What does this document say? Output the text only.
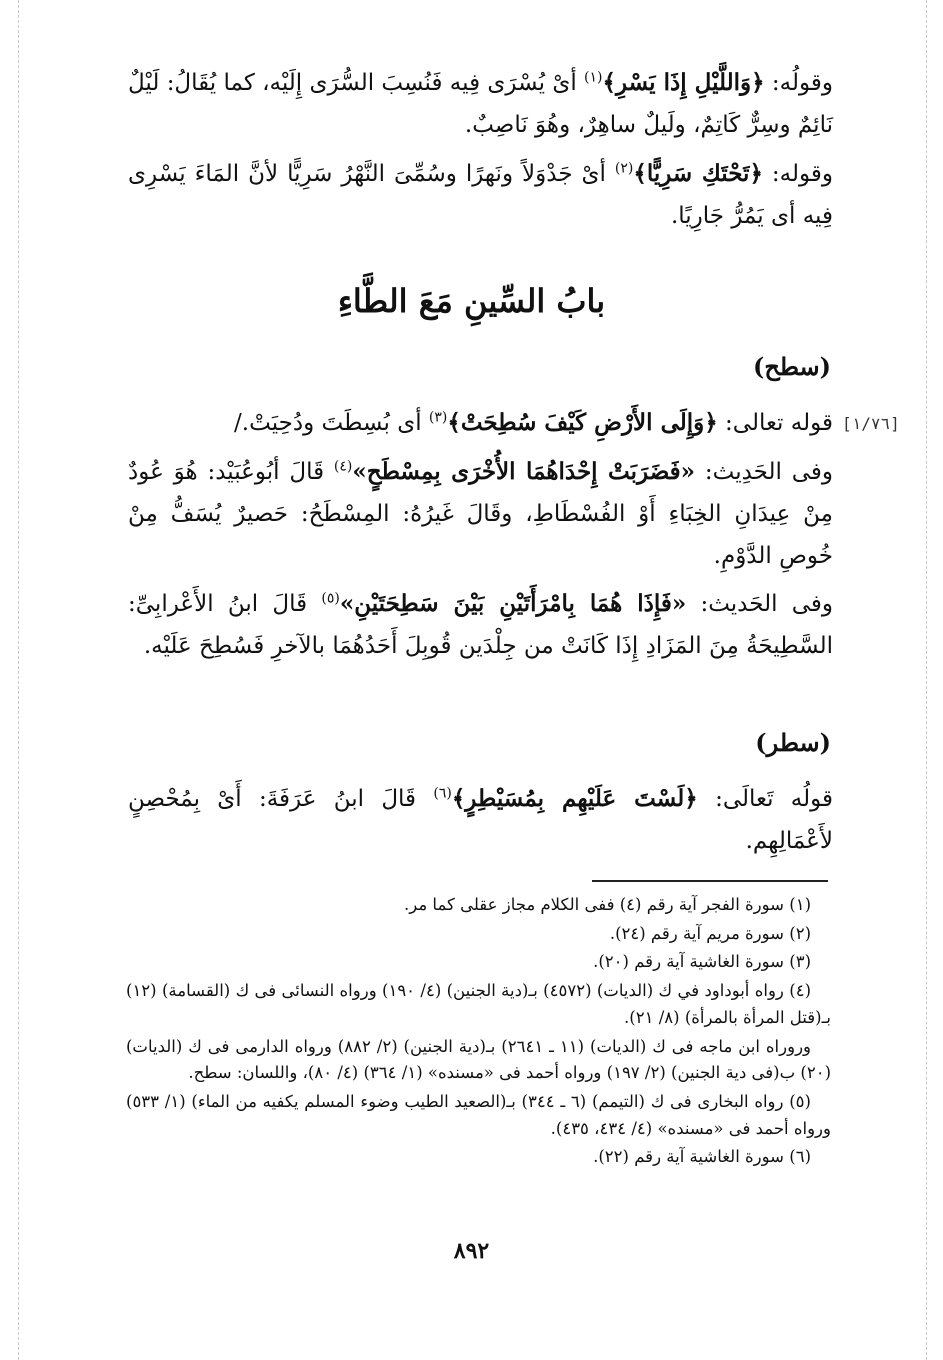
وقولُه: ﴿وَاللَّيْلِ إِذَا يَسْرِ﴾$^{(١)}$ أىْ يُسْرَى فِيه فَنُسِبَ السُّرَى إِلَيْه، كما يُقَالُ: لَيْلٌ نَائِمٌ وسِرٌّ كَاتِمٌ، ولَيلٌ ساهِرٌ، وهُوَ نَاصِبٌ.

وقوله: ﴿تَحْتَكِ سَرِيًّا﴾$^{(٢)}$ أىْ جَدْوَلاً ونَهرًا وسُمِّىَ النَّهْرُ سَرِيًّا لأنَّ المَاءَ يَسْرِى فِيه أى يَمُرُّ جَارِيًا.

بابُ السِّينِ مَعَ الطَّاءِ
(سطح)
[١/٧٦]

قوله تعالى: ﴿وَإِلَى الأَرْضِ كَيْفَ سُطِحَتْ﴾$^{(٣)}$ أى بُسِطَتَ ودُحِيَتْ./

وفى الحَدِيث: «فَضَرَبَتْ إِحْدَاهُمَا الأُخْرَى بِمِسْطَحٍ»$^{(٤)}$ قَالَ أبُوعُبَيْد: هُوَ عُودٌ مِنْ عِيدَانِ الخِبَاءِ أَوْ الفُسْطَاطِ، وقَالَ غَيرُهُ: المِسْطَحُ: حَصيرٌ يُسَفُّ مِنْ خُوصِ الدَّوْمِ.

وفى الحَديث: «فَإِذَا هُمَا بِامْرَأَتَيْنِ بَيْنَ سَطِحَتَيْنِ»$^{(٥)}$ قَالَ ابنُ الأَعْرابِىِّ: السَّطِيحَةُ مِنَ المَزَادِ إِذَا كَانَتْ من جِلْدَين قُوبِلَ أَحَدُهُمَا بالآخرِ فَسُطِحَ عَلَيْه.

(سطر)

قولُه تَعالَى: ﴿لَسْتَ عَلَيْهِم بِمُسَيْطِرٍ﴾$^{(٦)}$ قَالَ ابنُ عَرَفَةَ: أَىْ بِمُحْصِنٍ لأَعْمَالِهِم.

(١) سورة الفجر آية رقم (٤) ففى الكلام مجاز عقلى كما مر.

(٢) سورة مريم آية رقم (٢٤).

(٣) سورة الغاشية آية رقم (٢٠).

(٤) رواه أبوداود في ك (الديات) (٤٥٧٢) بـ(دية الجنين) (٤/ ١٩٠) ورواه النسائى فى ك (القسامة) (١٢) بـ(قتل المرأة بالمرأة) (٨/ ٢١).

وروراه ابن ماجه فى ك (الديات) (١١ ـ ٢٦٤١) بـ(دية الجنين) (٢/ ٨٨٢) ورواه الدارمى فى ك (الديات) (٢٠) ب(فى دية الجنين) (٢/ ١٩٧) ورواه أحمد فى «مسنده» (١/ ٣٦٤) (٤/ ٨٠)، واللسان: سطح.

(٥) رواه البخارى فى ك (التيمم) (٦ ـ ٣٤٤) بـ(الصعيد الطيب وضوء المسلم يكفيه من الماء) (١/ ٥٣٣) ورواه أحمد فى «مسنده» (٤/ ٤٣٤، ٤٣٥).

(٦) سورة الغاشية آية رقم (٢٢).

٨٩٢
